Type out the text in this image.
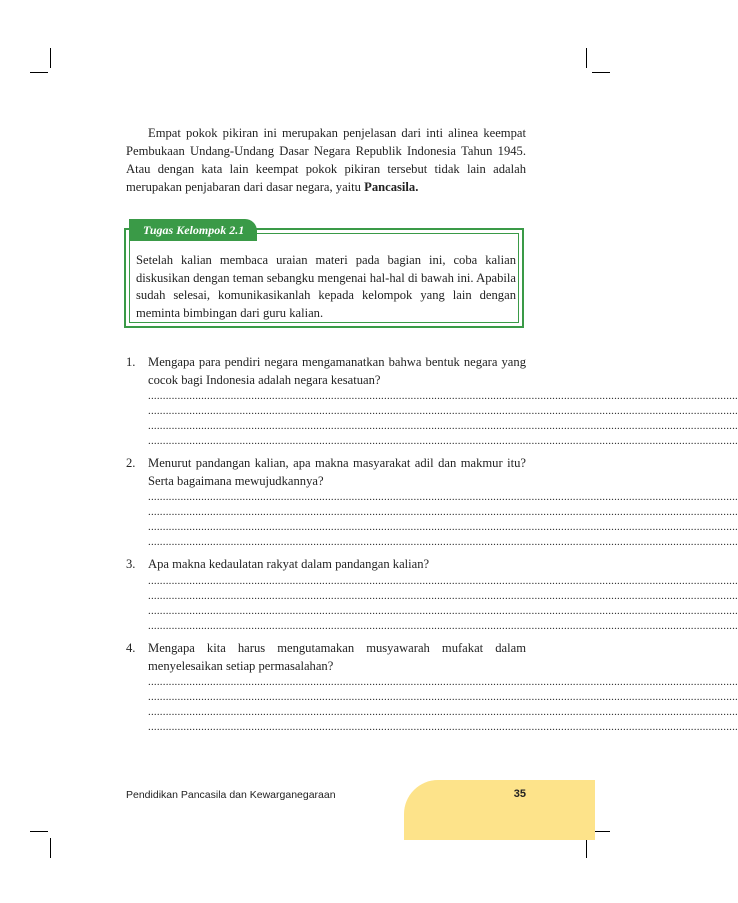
Empat pokok pikiran ini merupakan penjelasan dari inti alinea keempat Pembukaan Undang-Undang Dasar Negara Republik Indonesia Tahun 1945. Atau dengan kata lain keempat pokok pikiran tersebut tidak lain adalah merupakan penjabaran dari dasar negara, yaitu Pancasila.

Tugas Kelompok 2.1

Setelah kalian membaca uraian materi pada bagian ini, coba kalian diskusikan dengan teman sebangku mengenai hal-hal di bawah ini. Apabila sudah selesai, komunikasikanlah kepada kelompok yang lain dengan meminta bimbingan dari guru kalian.

1. Mengapa para pendiri negara mengamanatkan bahwa bentuk negara yang cocok bagi Indonesia adalah negara kesatuan?
........................................................................................................................................................................................................
........................................................................................................................................................................................................
........................................................................................................................................................................................................
........................................................................................................................................................................................................
2. Menurut pandangan kalian, apa makna masyarakat adil dan makmur itu? Serta bagaimana mewujudkannya?
........................................................................................................................................................................................................
........................................................................................................................................................................................................
........................................................................................................................................................................................................
........................................................................................................................................................................................................
3. Apa makna kedaulatan rakyat dalam pandangan kalian?
........................................................................................................................................................................................................
........................................................................................................................................................................................................
........................................................................................................................................................................................................
........................................................................................................................................................................................................
4. Mengapa kita harus mengutamakan musyawarah mufakat dalam menyelesaikan setiap permasalahan?
........................................................................................................................................................................................................
........................................................................................................................................................................................................
........................................................................................................................................................................................................
........................................................................................................................................................................................................
Pendidikan Pancasila dan Kewarganegaraan	35
